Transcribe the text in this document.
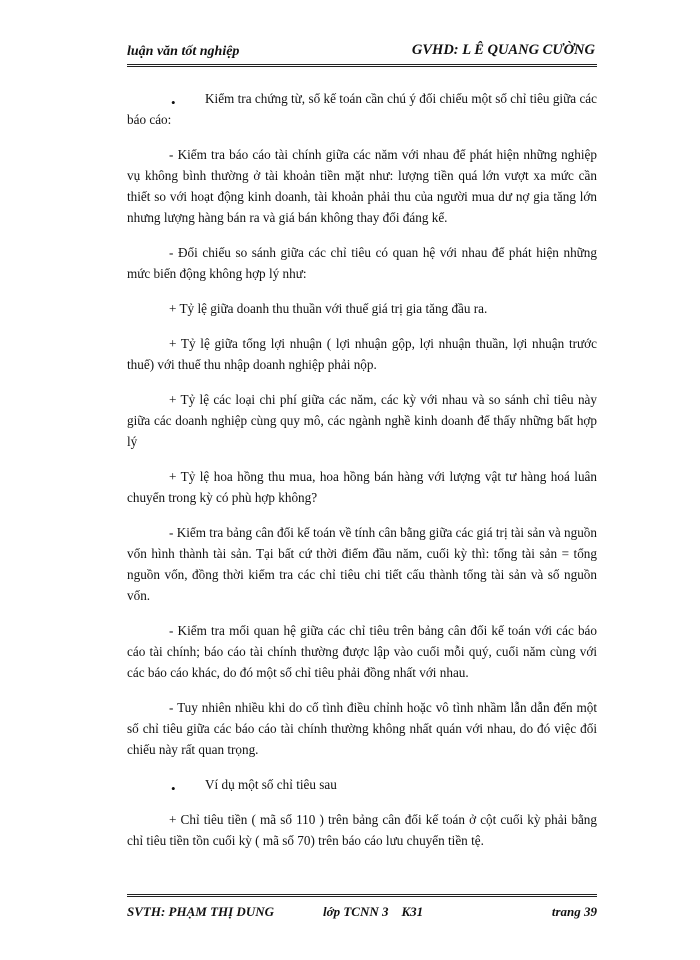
luận văn tốt nghiệp	GVHD: L Ê QUANG CƯỜNG
•	Kiểm tra chứng từ, sổ kế toán cần chú ý đối chiếu một số chỉ tiêu giữa các báo cáo:

- Kiểm tra báo cáo tài chính giữa các năm với nhau để phát hiện những nghiệp vụ không bình thường ở tài khoản tiền mặt như: lượng tiền quá lớn vượt xa mức cần thiết so với hoạt động kinh doanh, tài khoản phải thu của người mua dư nợ gia tăng lớn nhưng lượng hàng bán ra và giá bán không thay đổi đáng kể.

- Đối chiếu so sánh giữa các chỉ tiêu có quan hệ với nhau để phát hiện những mức biến động không hợp lý như:

+ Tỷ lệ giữa doanh thu thuần với thuế giá trị gia tăng đầu ra.

+ Tỷ lệ giữa tổng lợi nhuận ( lợi nhuận gộp, lợi nhuận thuần, lợi nhuận trước thuế) với thuế thu nhập doanh nghiệp phải nộp.

+ Tỷ lệ các loại chi phí giữa các năm, các kỳ với nhau và so sánh chỉ tiêu này giữa các doanh nghiệp cùng quy mô, các ngành nghề kinh doanh để thấy những bất hợp lý

+ Tỷ lệ hoa hồng thu mua, hoa hồng bán hàng với lượng vật tư hàng hoá luân chuyển trong kỳ có phù hợp không?

- Kiểm tra bảng cân đối kế toán về tính cân bằng giữa các giá trị tài sản và nguồn vốn hình thành tài sản. Tại bất cứ thời điểm đầu năm, cuối kỳ thì: tổng tài sản = tổng nguồn vốn, đồng thời kiểm tra các chỉ tiêu chi tiết cấu thành tổng tài sản và số nguồn vốn.

- Kiểm tra mối quan hệ giữa các chỉ tiêu trên bảng cân đối kế toán với các báo cáo tài chính; báo cáo tài chính thường được lập vào cuối mỗi quý, cuối năm cùng với các báo cáo khác, do đó một số chỉ tiêu phải đồng nhất với nhau.

- Tuy nhiên nhiều khi do cố tình điều chỉnh hoặc vô tình nhầm lẫn dẫn đến một số chỉ tiêu giữa các báo cáo tài chính thường không nhất quán với nhau, do đó việc đối chiếu này rất quan trọng.

•	Ví dụ một số chỉ tiêu sau

+ Chỉ tiêu tiền ( mã số 110 ) trên bảng cân đối kế toán ở cột cuối kỳ phải bằng chỉ tiêu tiền tồn cuối kỳ ( mã số 70) trên báo cáo lưu chuyển tiền tệ.

SVTH: PHẠM THỊ DUNG	lớp TCNN 3    K31	trang 39
